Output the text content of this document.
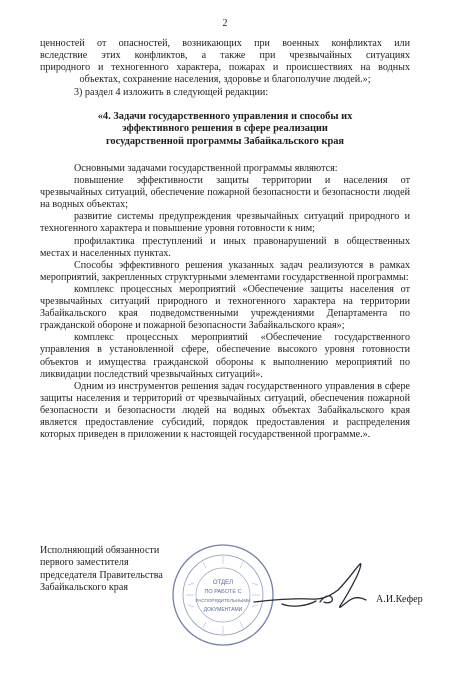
2
ценностей от опасностей, возникающих при военных конфликтах или
вследствие этих конфликтов, а также при чрезвычайных ситуациях
природного и техногенного характера, пожарах и происшествиях на водных
объектах, сохранение населения, здоровье и благополучие людей.»;

3) раздел 4 изложить в следующей редакции:

«4. Задачи государственного управления и способы их
эффективного решения в сфере реализации
государственной программы Забайкальского края

Основными задачами государственной программы являются:

повышение эффективности защиты территории и населения от чрезвычайных ситуаций, обеспечение пожарной безопасности и безопасности людей на водных объектах;

развитие системы предупреждения чрезвычайных ситуаций природного и техногенного характера и повышение уровня готовности к ним;

профилактика преступлений и иных правонарушений в общественных местах и населенных пунктах.

Способы эффективного решения указанных задач реализуются в рамках мероприятий, закрепленных структурными элементами государственной программы:

комплекс процессных мероприятий «Обеспечение защиты населения от чрезвычайных ситуаций природного и техногенного характера на территории Забайкальского края подведомственными учреждениями Департамента по гражданской обороне и пожарной безопасности Забайкальского края»;

комплекс процессных мероприятий «Обеспечение государственного управления в установленной сфере, обеспечение высокого уровня готовности объектов и имущества гражданской обороны к выполнению мероприятий по ликвидации последствий чрезвычайных ситуаций».

Одним из инструментов решения задач государственного управления в сфере защиты населения и территорий от чрезвычайных ситуаций, обеспечения пожарной безопасности и безопасности людей на водных объектах Забайкальского края является предоставление субсидий, порядок предоставления и распределения которых приведен в приложении к настоящей государственной программе.».

Исполняющий обязанности
первого заместителя
председателя Правительства
Забайкальского края	ОТДЕЛ
ПО РАБОТЕ С
РАСПОРЯДИТЕЛЬНЫМИ
ДОКУМЕНТАМИ
А.И.Кефер
